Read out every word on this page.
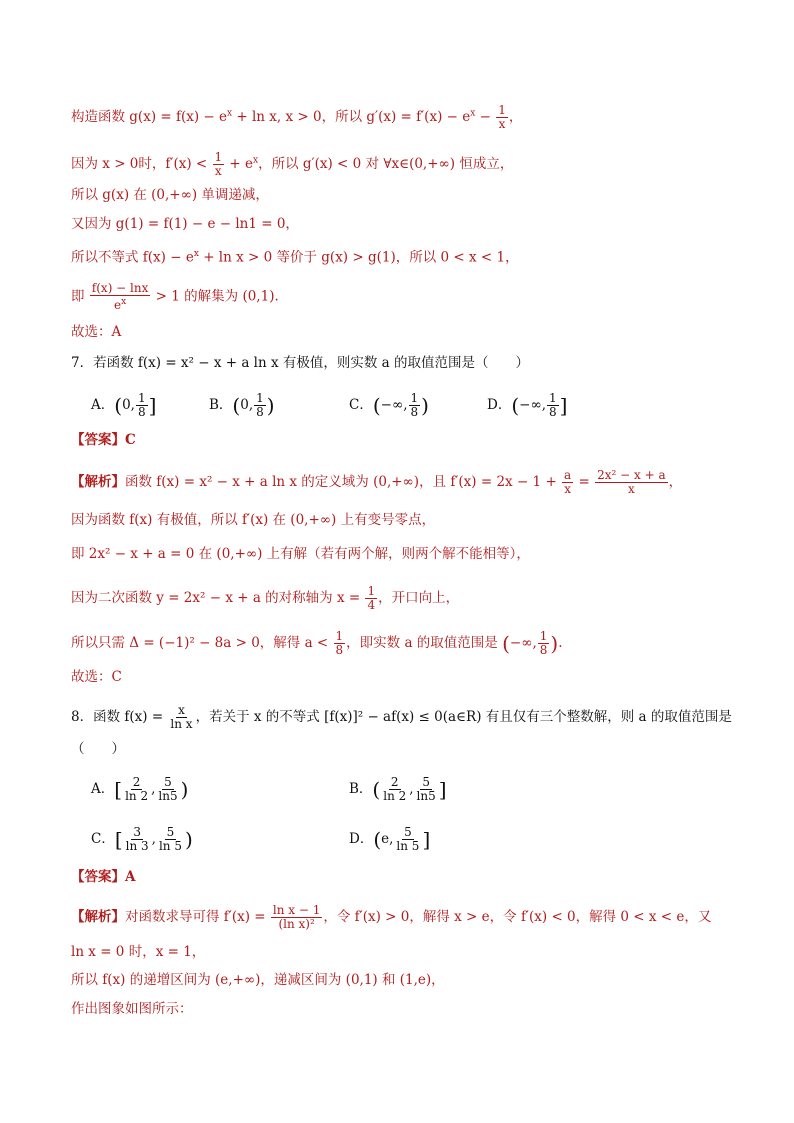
构造函数 $g(x) = f(x) - e^x + \ln x$, x > 0，所以 $g'(x) = f'(x) - e^x - \frac{1}{x}$ ，
因为 x > 0时，$f'(x) < \frac{1}{x} + e^x$，所以 g′(x) < 0 对 ∀x∈(0,+∞) 恒成立，
所以 g(x) 在 (0,+∞) 单调递减，
又因为 g(1) = f(1) − e − ln1 = 0，
所以不等式 $f(x) - e^x + \ln x > 0$ 等价于 g(x) > g(1)，所以 0 < x < 1，
即 $\frac{f(x) - \ln x}{e^x} > 1$ 的解集为 (0,1).
故选：A
7．若函数 f(x) = x² − x + a ln x 有极值，则实数 a 的取值范围是（　　）
A．(0, $\frac{1}{8}$ ]	B．(0, $\frac{1}{8}$ )	C．(−∞, $\frac{1}{8}$ )	D．(−∞, $\frac{1}{8}$ ]
【答案】C
【解析】函数 f(x) = x² − x + a ln x 的定义域为 (0,+∞)，且 $f'(x) = 2x - 1 + \frac{a}{x} = \frac{\text{2x² − x + a}}{x}$ ，
因为函数 f(x) 有极值，所以 f′(x) 在 (0,+∞) 上有变号零点，
即 2x² − x + a = 0 在 (0,+∞) 上有解（若有两个解，则两个解不能相等），
因为二次函数 y = 2x² − x + a 的对称轴为 $x = \frac{1}{4}$ ，开口向上，
所以只需 Δ = (−1)² − 8a > 0，解得 $a < \frac{1}{8}$ ，即实数 a 的取值范围是 (−∞, $\frac{1}{8}$ ).
故选：C
8．函数 $f(x) = \frac{x}{\text{ln x}}$ ，若关于 x 的不等式 [f(x)]² − af(x) ≤ 0(a∈R) 有且仅有三个整数解，则 a 的取值范围是
（　　）
A．[ $\frac{2}{\ln 2}$ , $\frac{5}{\ln 5}$ )	B．( $\frac{2}{\ln 2}$ , $\frac{5}{\ln 5}$ ]
C．[ $\frac{3}{\ln 3}$ , $\frac{5}{\ln 5}$ )	D．(e, $\frac{5}{\ln 5}$ ]
【答案】A
【解析】对函数求导可得 $f'(x) = \frac{\text{ln x − 1}}{\text{(ln x)²}}$ ，令 f′(x) > 0，解得 x > e，令 f′(x) < 0，解得 0 < x < e，又
ln x = 0 时，x = 1，
所以 f(x) 的递增区间为 (e,+∞)，递减区间为 (0,1) 和 (1,e)，
作出图象如图所示：
